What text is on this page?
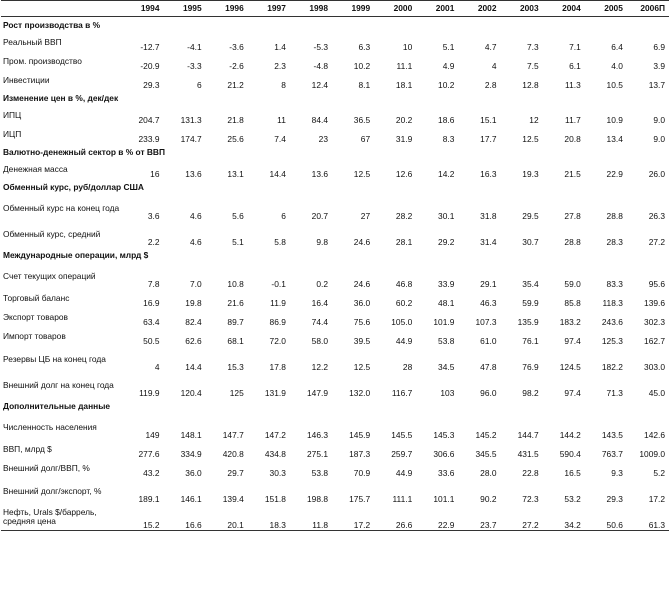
	1994	1995	1996	1997	1998	1999	2000	2001	2002	2003	2004	2005	2006П
Рост производства в %													
Реальный ВВП	-12.7	-4.1	-3.6	1.4	-5.3	6.3	10	5.1	4.7	7.3	7.1	6.4	6.9
Пром. производство	-20.9	-3.3	-2.6	2.3	-4.8	10.2	11.1	4.9	4	7.5	6.1	4.0	3.9
Инвестиции	29.3	6	21.2	8	12.4	8.1	18.1	10.2	2.8	12.8	11.3	10.5	13.7
Изменение цен в %, дек/дек													
ИПЦ	204.7	131.3	21.8	11	84.4	36.5	20.2	18.6	15.1	12	11.7	10.9	9.0
ИЦП	233.9	174.7	25.6	7.4	23	67	31.9	8.3	17.7	12.5	20.8	13.4	9.0
Валютно-денежный сектор в % от ВВП													
Денежная масса	16	13.6	13.1	14.4	13.6	12.5	12.6	14.2	16.3	19.3	21.5	22.9	26.0
Обменный курс, руб/доллар США													
Обменный курс на конец года	3.6	4.6	5.6	6	20.7	27	28.2	30.1	31.8	29.5	27.8	28.8	26.3
Обменный курс, средний	2.2	4.6	5.1	5.8	9.8	24.6	28.1	29.2	31.4	30.7	28.8	28.3	27.2
Международные операции, млрд $													
Счет текущих операций	7.8	7.0	10.8	-0.1	0.2	24.6	46.8	33.9	29.1	35.4	59.0	83.3	95.6
Торговый баланс	16.9	19.8	21.6	11.9	16.4	36.0	60.2	48.1	46.3	59.9	85.8	118.3	139.6
Экспорт товаров	63.4	82.4	89.7	86.9	74.4	75.6	105.0	101.9	107.3	135.9	183.2	243.6	302.3
Импорт товаров	50.5	62.6	68.1	72.0	58.0	39.5	44.9	53.8	61.0	76.1	97.4	125.3	162.7
Резервы ЦБ на конец года	4	14.4	15.3	17.8	12.2	12.5	28	34.5	47.8	76.9	124.5	182.2	303.0
Внешний долг на конец года	119.9	120.4	125	131.9	147.9	132.0	116.7	103	96.0	98.2	97.4	71.3	45.0
Дополнительные данные													
Численность населения	149	148.1	147.7	147.2	146.3	145.9	145.5	145.3	145.2	144.7	144.2	143.5	142.6
ВВП, млрд $	277.6	334.9	420.8	434.8	275.1	187.3	259.7	306.6	345.5	431.5	590.4	763.7	1009.0
Внешний долг/ВВП, %	43.2	36.0	29.7	30.3	53.8	70.9	44.9	33.6	28.0	22.8	16.5	9.3	5.2
Внешний долг/экспорт, %	189.1	146.1	139.4	151.8	198.8	175.7	111.1	101.1	90.2	72.3	53.2	29.3	17.2
Нефть, Urals $/баррель, средняя цена	15.2	16.6	20.1	18.3	11.8	17.2	26.6	22.9	23.7	27.2	34.2	50.6	61.3
